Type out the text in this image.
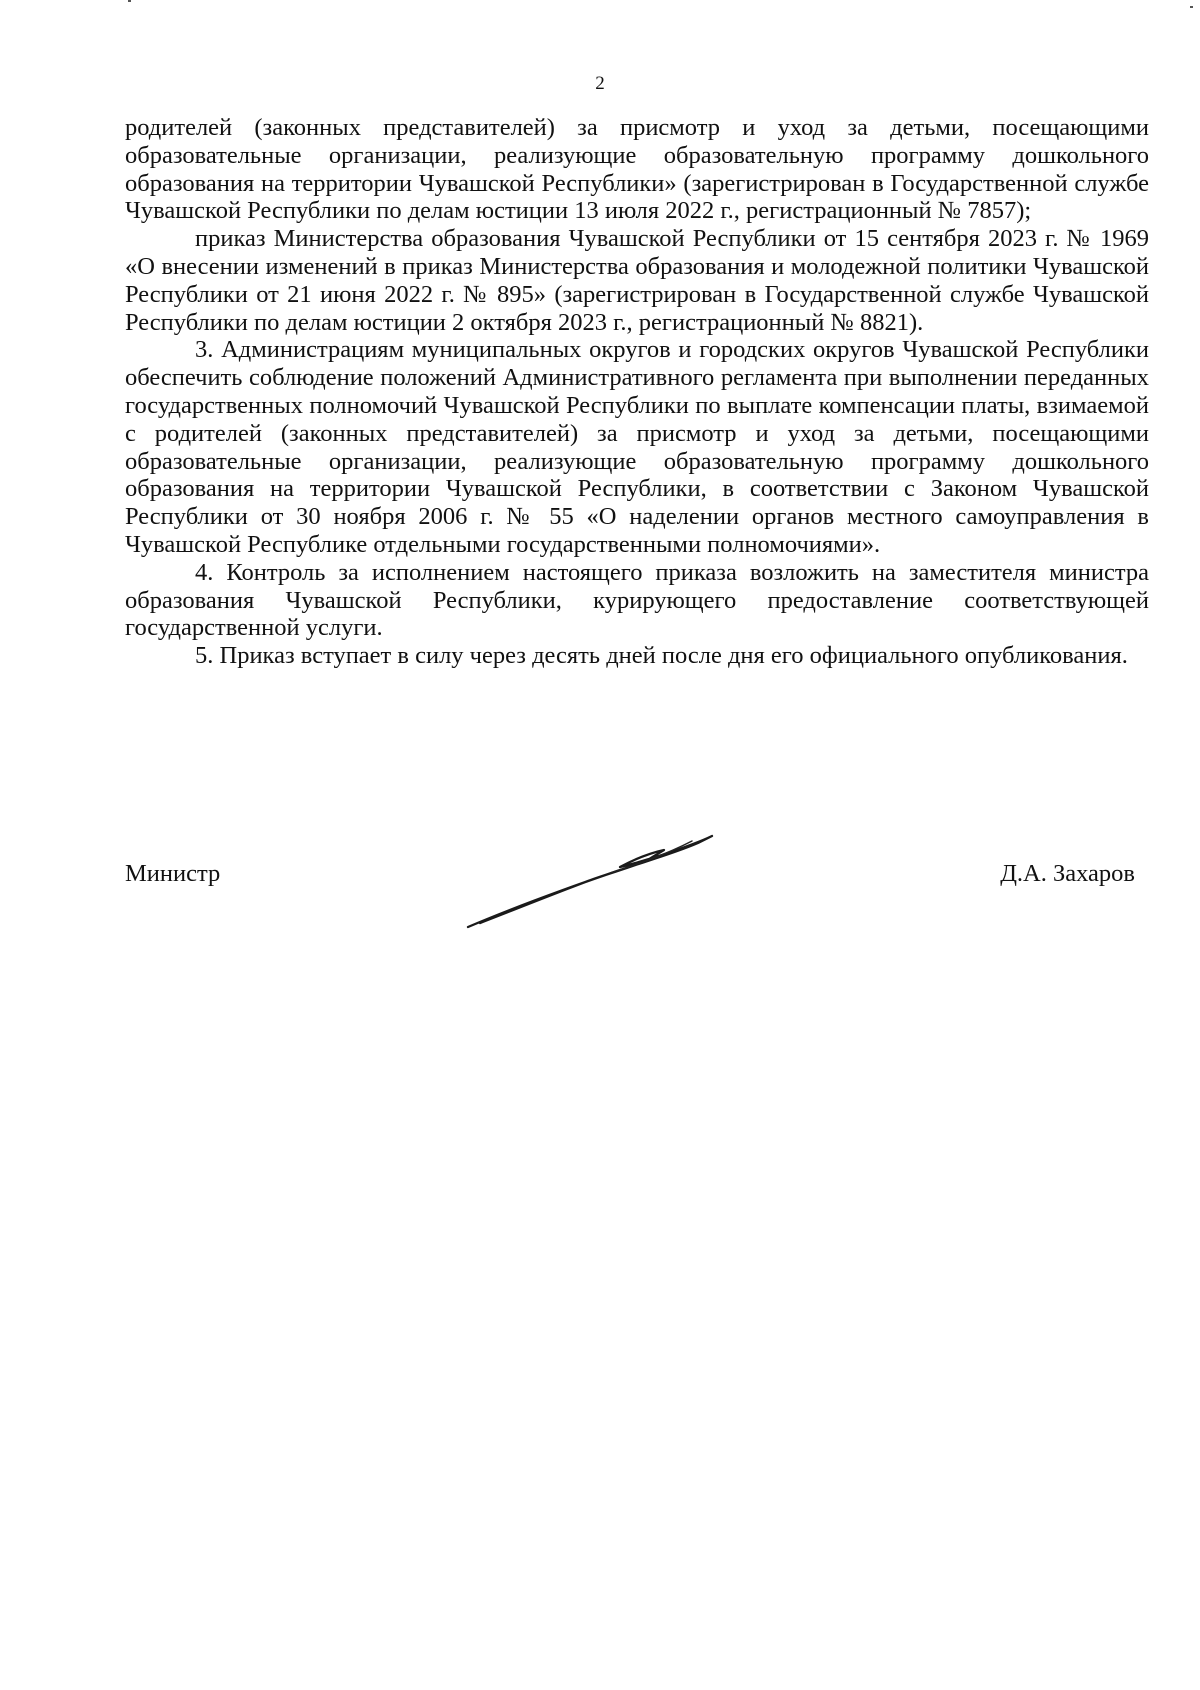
2

родителей (законных представителей) за присмотр и уход за детьми, посещающими образовательные организации, реализующие образовательную программу дошкольного образования на территории Чувашской Республики» (зарегистрирован в Государственной службе Чувашской Республики по делам юстиции 13 июля 2022 г., регистрационный № 7857);

приказ Министерства образования Чувашской Республики от 15 сентября 2023 г. № 1969 «О внесении изменений в приказ Министерства образования и молодежной политики Чувашской Республики от 21 июня 2022 г. № 895» (зарегистрирован в Государственной службе Чувашской Республики по делам юстиции 2 октября 2023 г., регистрационный № 8821).

3. Администрациям муниципальных округов и городских округов Чувашской Республики обеспечить соблюдение положений Административного регламента при выполнении переданных государственных полномочий Чувашской Республики по выплате компенсации платы, взимаемой с родителей (законных представителей) за присмотр и уход за детьми, посещающими образовательные организации, реализующие образовательную программу дошкольного образования на территории Чувашской Республики, в соответствии с Законом Чувашской Республики от 30 ноября 2006 г. № 55 «О наделении органов местного самоуправления в Чувашской Республике отдельными государственными полномочиями».

4. Контроль за исполнением настоящего приказа возложить на заместителя министра образования Чувашской Республики, курирующего предоставление соответствующей государственной услуги.

5. Приказ вступает в силу через десять дней после дня его официального опубликования.

Министр	Д.А. Захаров
